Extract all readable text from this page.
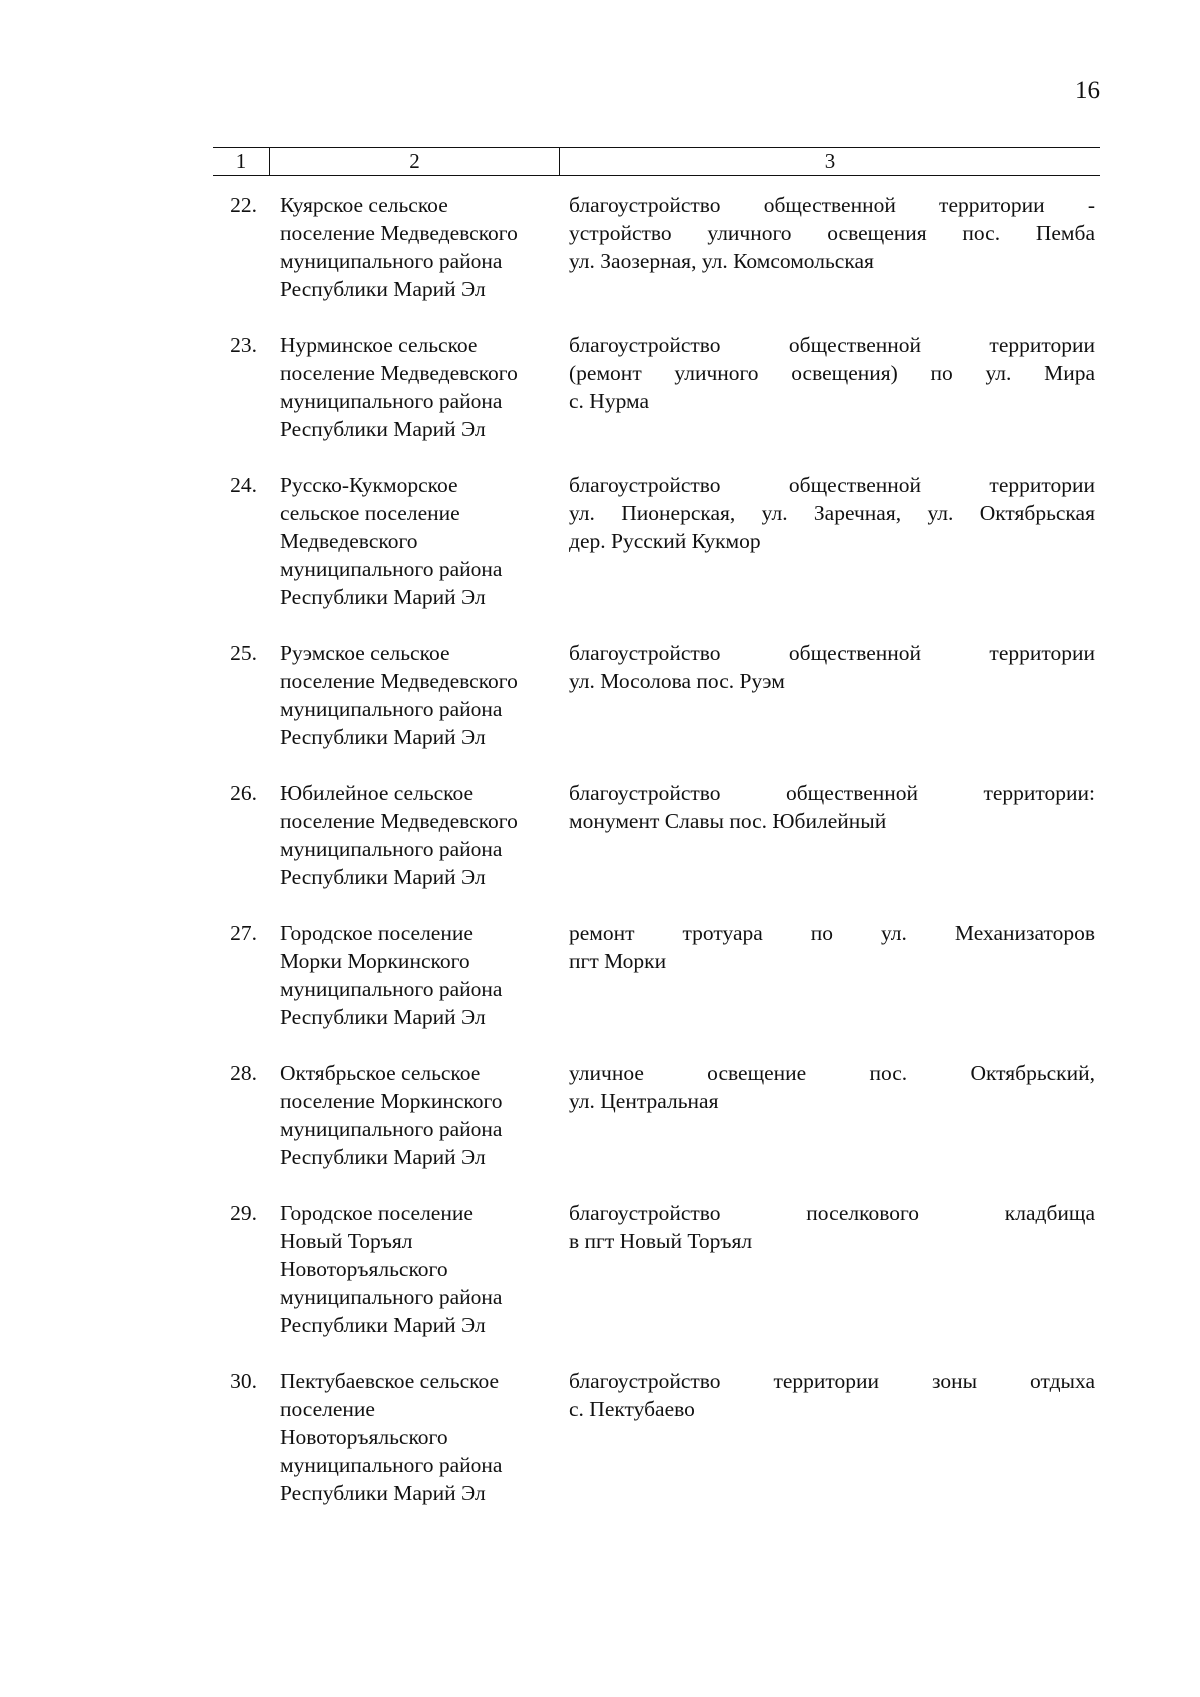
16
1	2	3
22. Куярское сельское
поселение Медведевского
муниципального района
Республики Марий Эл
благоустройство общественной территории -
устройство уличного освещения пос. Пемба
ул. Заозерная, ул. Комсомольская
23. Нурминское сельское
поселение Медведевского
муниципального района
Республики Марий Эл
благоустройство общественной территории
(ремонт уличного освещения) по ул. Мира
с. Нурма
24. Русско-Кукморское
сельское поселение
Медведевского
муниципального района
Республики Марий Эл
благоустройство общественной территории
ул. Пионерская, ул. Заречная, ул. Октябрьская
дер. Русский Кукмор
25. Руэмское сельское
поселение Медведевского
муниципального района
Республики Марий Эл
благоустройство общественной территории
ул. Мосолова пос. Руэм
26. Юбилейное сельское
поселение Медведевского
муниципального района
Республики Марий Эл
благоустройство общественной территории:
монумент Славы пос. Юбилейный
27. Городское поселение
Морки Моркинского
муниципального района
Республики Марий Эл
ремонт тротуара по ул. Механизаторов
пгт Морки
28. Октябрьское сельское
поселение Моркинского
муниципального района
Республики Марий Эл
уличное освещение пос. Октябрьский,
ул. Центральная
29. Городское поселение
Новый Торъял
Новоторъяльского
муниципального района
Республики Марий Эл
благоустройство поселкового кладбища
в пгт Новый Торъял
30. Пектубаевское сельское
поселение
Новоторъяльского
муниципального района
Республики Марий Эл
благоустройство территории зоны отдыха
с. Пектубаево
